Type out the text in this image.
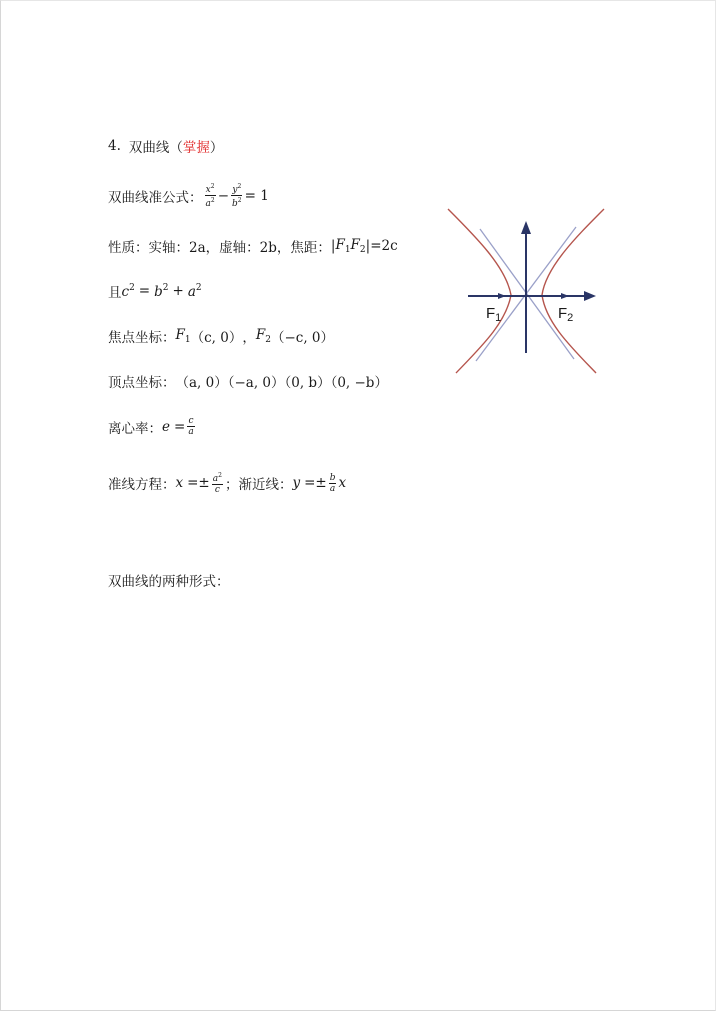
4. 双曲线 （ 掌握 ）
双曲线准公式： $\frac{x^2}{a^2} - \frac{y^2}{b^2} = 1$
性质：实轴：2a，虚轴：2b，焦距： | $F_1$ $F_2$ | =2c
且 $c^2 = b^2 + a^2$
焦点坐标： $F_1$ （c, 0） ， $F_2$ （−c, 0）
顶点坐标： （a, 0）（−a, 0）（0, b）（0, −b）
离心率： $e = \frac{c}{a}$
准线方程： $x =\pm \frac{a^2}{c}$ ； 渐近线： $y =\pm \frac{b}{a}$ x
双曲线的两种形式：
$F_1$	$F_2$
